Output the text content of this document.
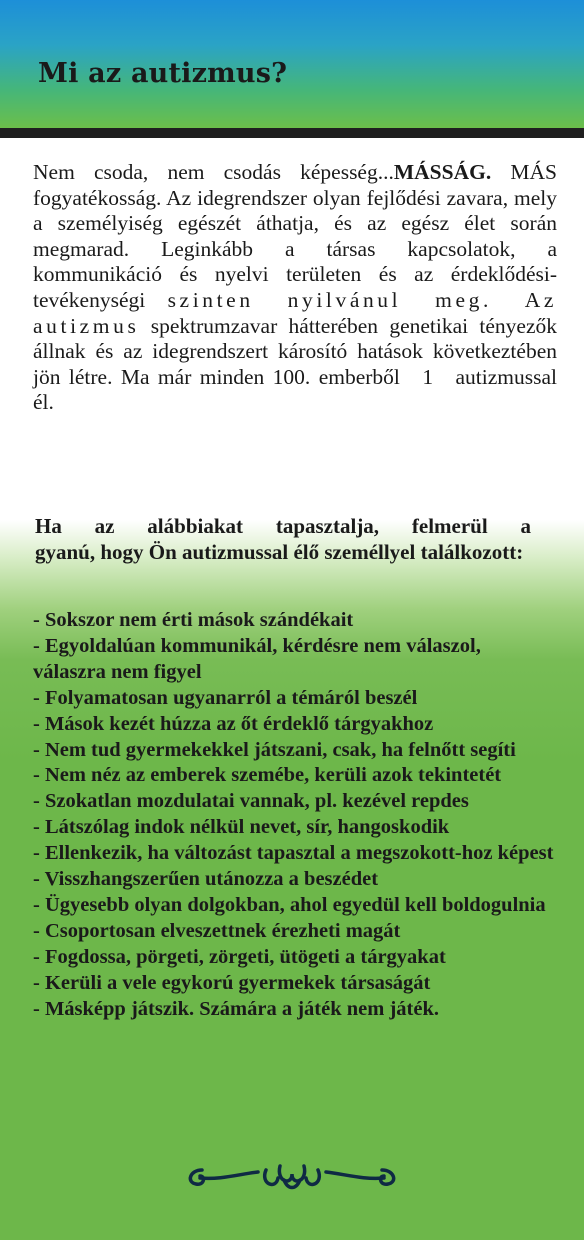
Mi az autizmus?
Nem csoda, nem csodás képesség...MÁSSÁG. MÁS fogyatékosság. Az idegrendszer olyan fejlődési zavara, mely a személyiség egészét áthatja, és az egész élet során megmarad. Leginkább a társas kapcsolatok, a kommunikáció és nyelvi területen és az érdeklődési-tevékenységi szinten nyilvánul meg. Az autizmus spektrumzavar hátterében genetikai tényezők állnak és az idegrendszert károsító hatások következtében jön létre. Ma már minden 100. emberből 1 autizmussal él.
Ha az alábbiakat tapasztalja, felmerül a
gyanú, hogy Ön autizmussal élő személlyel találkozott:
- Sokszor nem érti mások szándékait
- Egyoldalúan kommunikál, kérdésre nem válaszol, válaszra nem figyel
- Folyamatosan ugyanarról a témáról beszél
- Mások kezét húzza az őt érdeklő tárgyakhoz
- Nem tud gyermekekkel játszani, csak, ha felnőtt segíti
- Nem néz az emberek szemébe, kerüli azok tekintetét
- Szokatlan mozdulatai vannak, pl. kezével repdes
- Látszólag indok nélkül nevet, sír, hangoskodik
- Ellenkezik, ha változást tapasztal a megszokott-hoz képest
- Visszhangszerűen utánozza a beszédet
- Ügyesebb olyan dolgokban, ahol egyedül kell boldogulnia
- Csoportosan elveszettnek érezheti magát
- Fogdossa, pörgeti, zörgeti, ütögeti a tárgyakat
- Kerüli a vele egykorú gyermekek társaságát
- Másképp játszik. Számára a játék nem játék.
